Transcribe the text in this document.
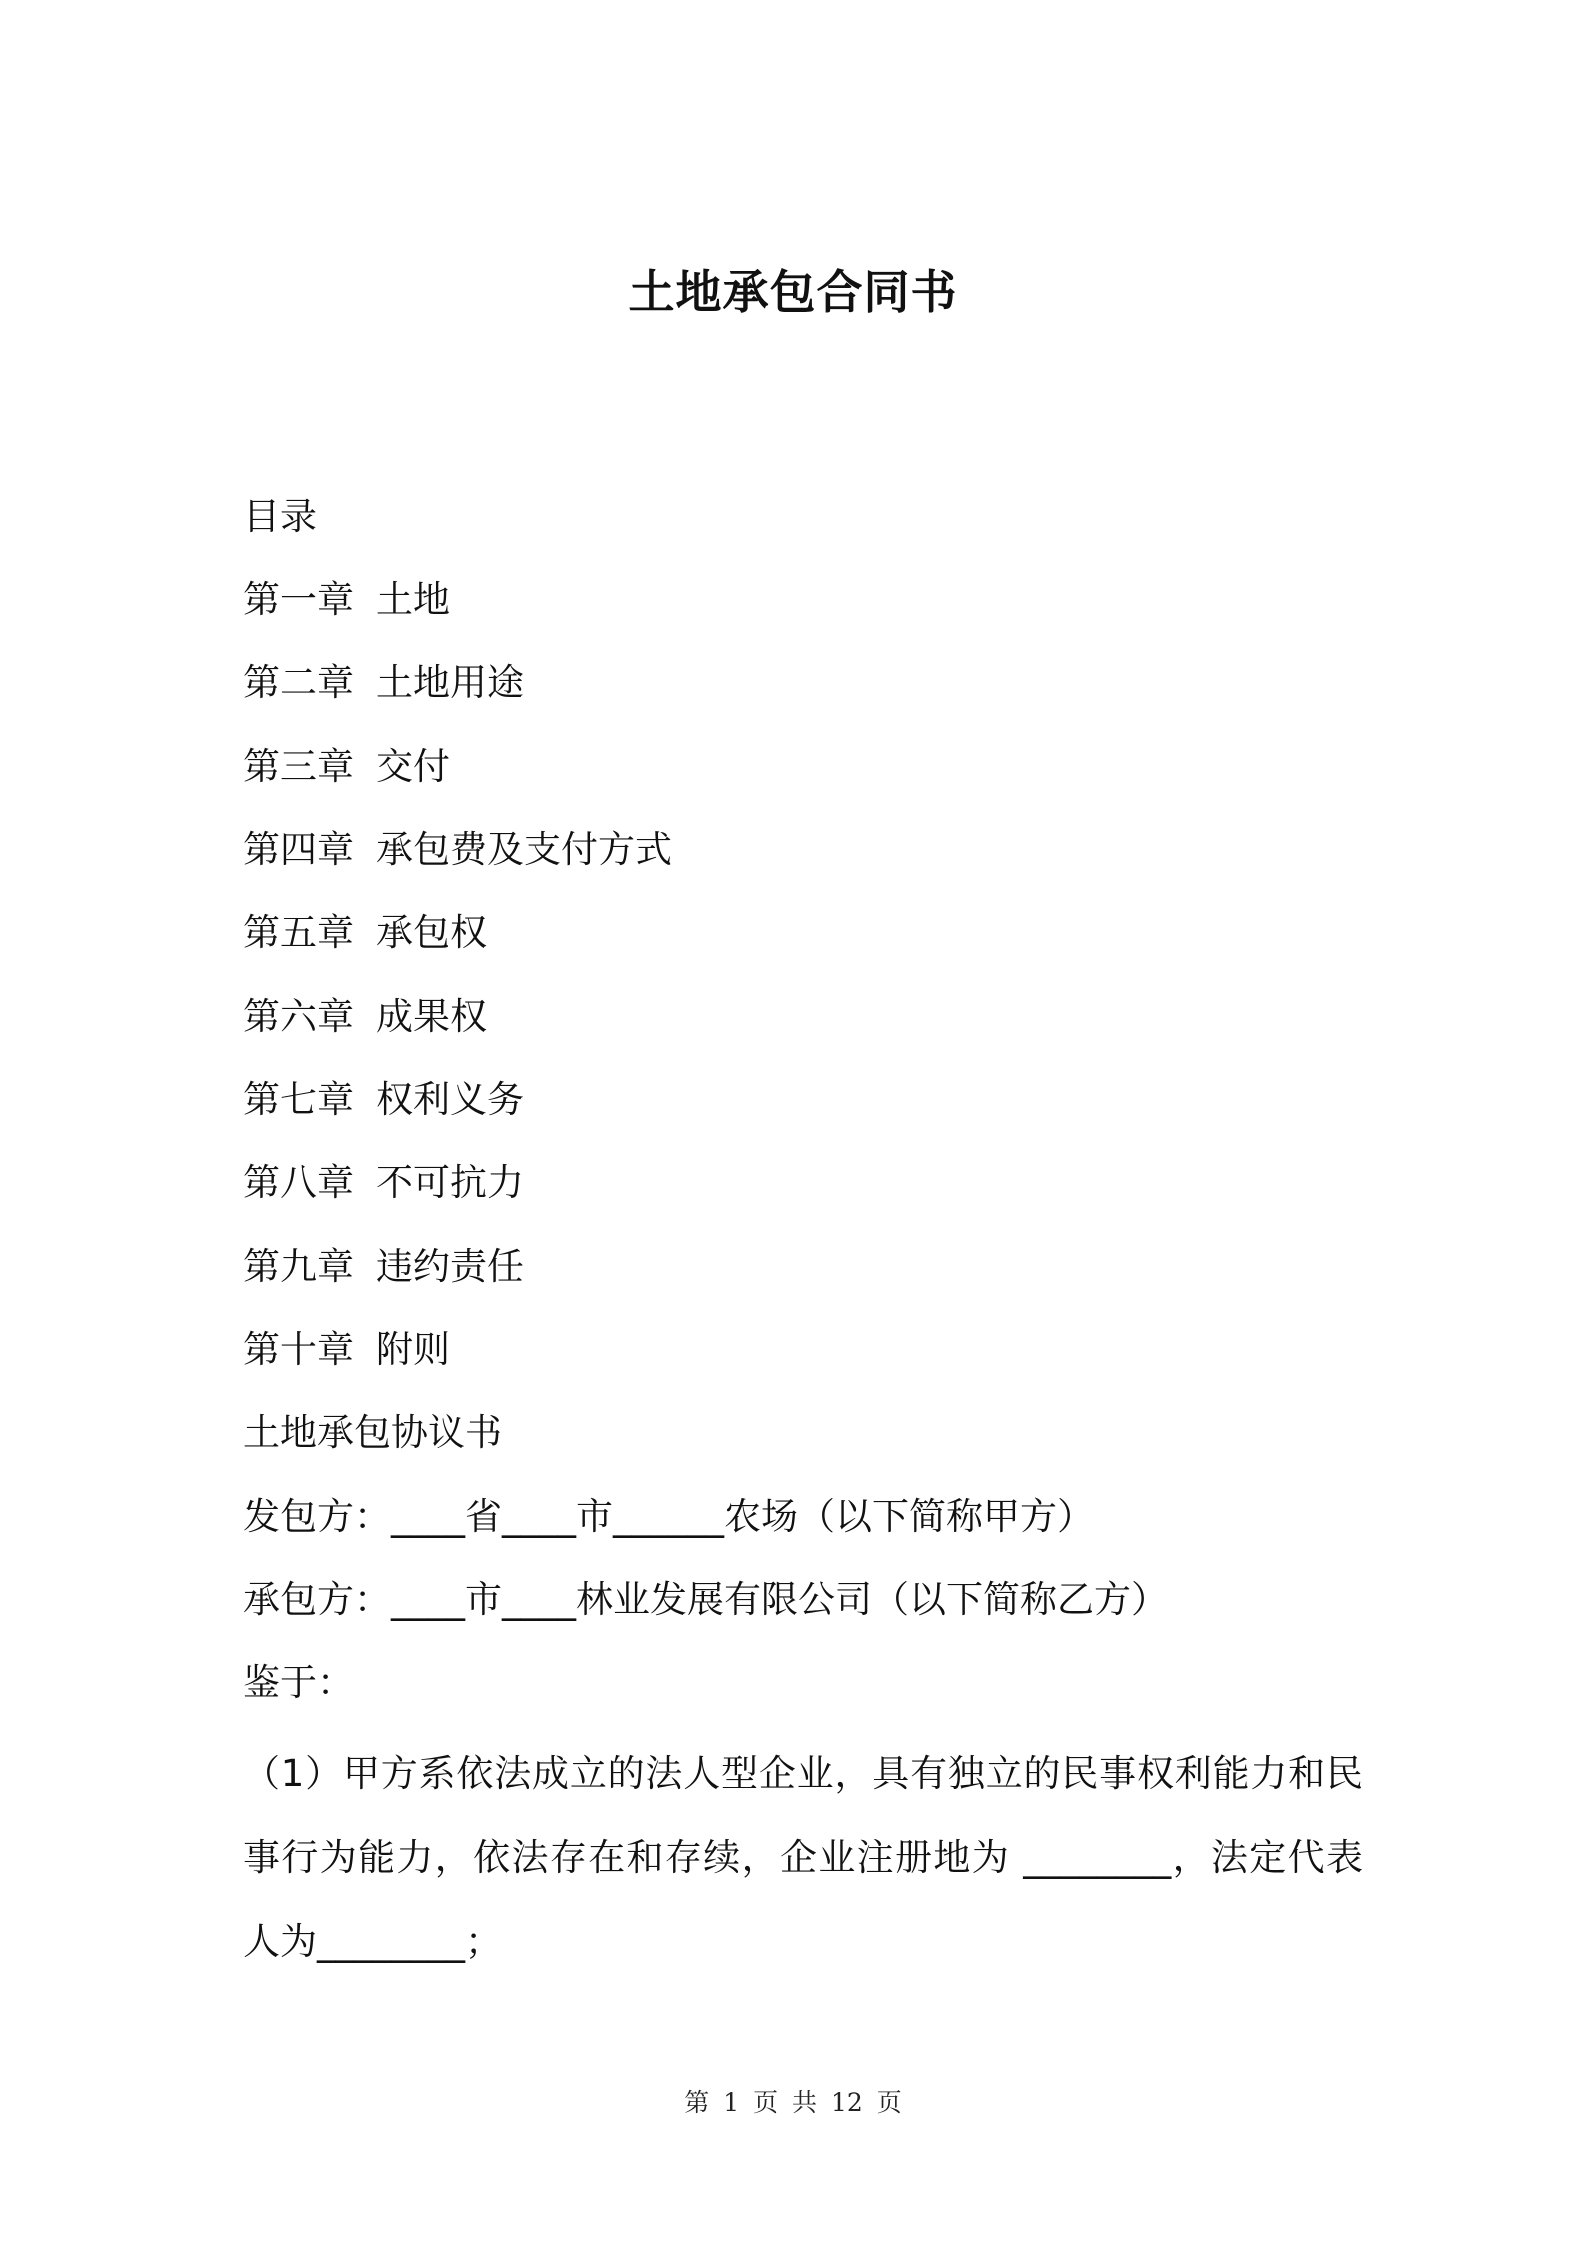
土地承包合同书
目录
第一章 土地
第二章 土地用途
第三章 交付
第四章 承包费及支付方式
第五章 承包权
第六章 成果权
第七章 权利义务
第八章 不可抗力
第九章 违约责任
第十章 附则
土地承包协议书
发包方：____省____市______农场（以下简称甲方）
承包方：____市____林业发展有限公司（以下简称乙方）
鉴于：
（1）甲方系依法成立的法人型企业，具有独立的民事权利能力和民事行为能力，依法存在和存续，企业注册地为 ________，法定代表人为________；
第 1 页 共 12 页
